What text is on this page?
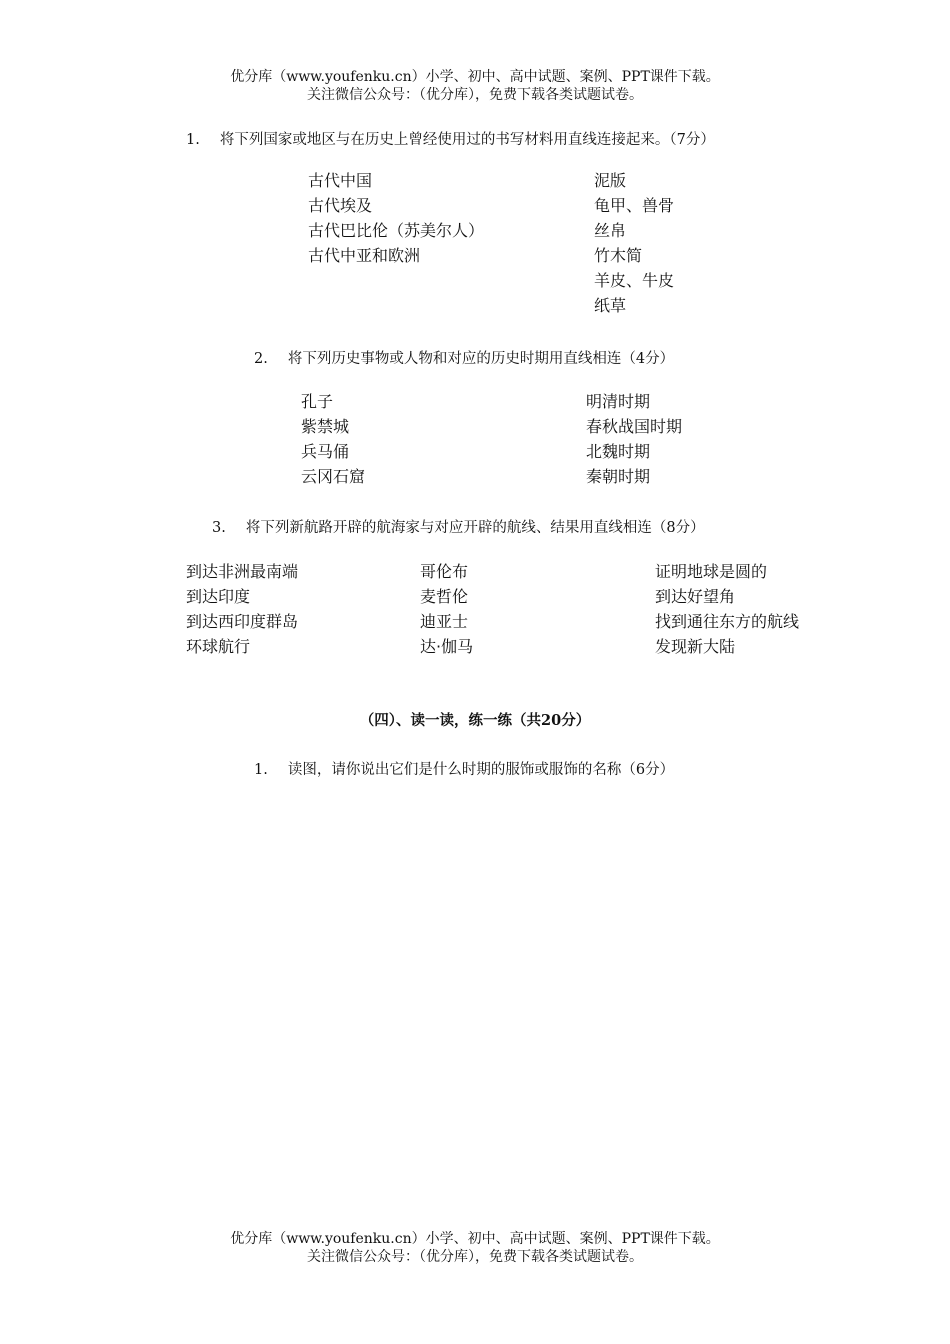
优分库（www.youfenku.cn）小学、初中、高中试题、案例、PPT课件下载。
关注微信公众号：（优分库），免费下载各类试题试卷。
1. 将下列国家或地区与在历史上曾经使用过的书写材料用直线连接起来。（7分）
古代中国
古代埃及
古代巴比伦（苏美尔人）
古代中亚和欧洲
泥版
龟甲、兽骨
丝帛
竹木简
羊皮、牛皮
纸草
2. 将下列历史事物或人物和对应的历史时期用直线相连（4分）
孔子
紫禁城
兵马俑
云冈石窟
明清时期
春秋战国时期
北魏时期
秦朝时期
3. 将下列新航路开辟的航海家与对应开辟的航线、结果用直线相连（8分）
到达非洲最南端
到达印度
到达西印度群岛
环球航行
哥伦布
麦哲伦
迪亚士
达·伽马
证明地球是圆的
到达好望角
找到通往东方的航线
发现新大陆
（四）、读一读，练一练（共20分）
1. 读图，请你说出它们是什么时期的服饰或服饰的名称（6分）
优分库（www.youfenku.cn）小学、初中、高中试题、案例、PPT课件下载。
关注微信公众号：（优分库），免费下载各类试题试卷。
